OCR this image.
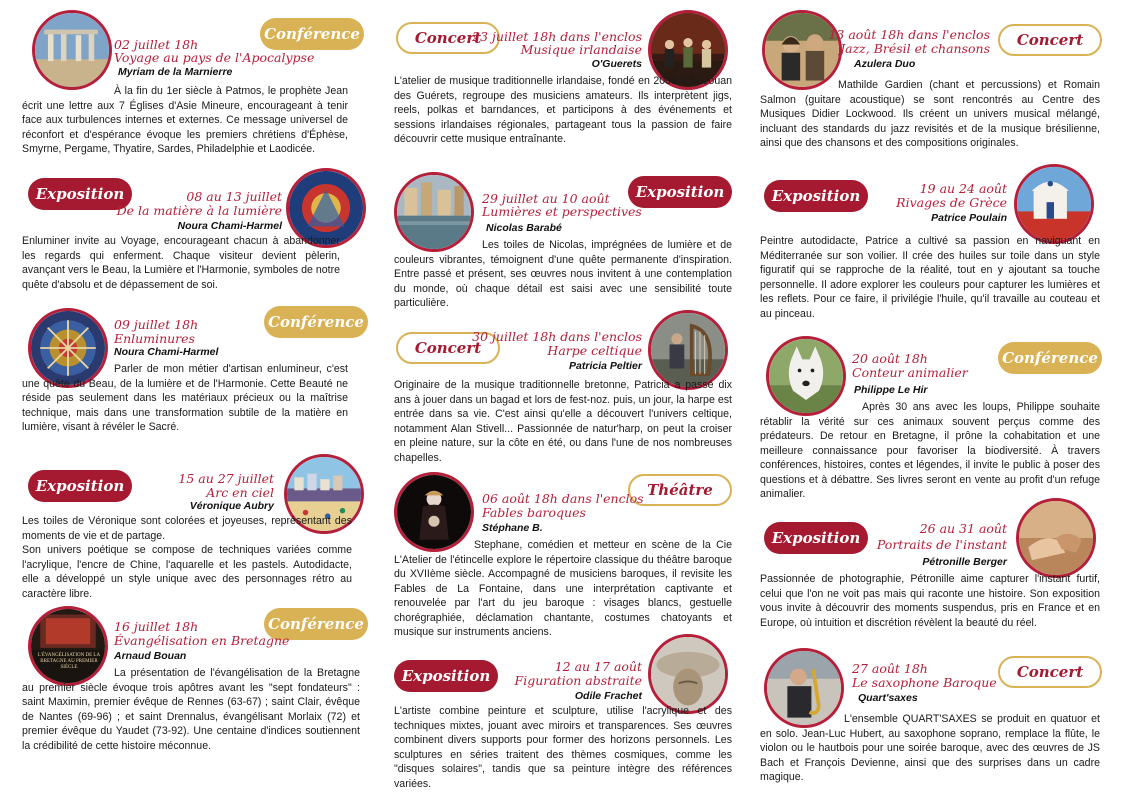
Conférence
02 juillet 18h
Voyage au pays de l'Apocalypse
Myriam de la Marnierre

À la fin du 1er siècle à Patmos, le prophète Jean écrit une lettre aux 7 Églises d'Asie Mineure, encourageant à tenir face aux turbulences internes et externes. Ce message universel de réconfort et d'espérance évoque les premiers chrétiens d'Éphèse, Smyrne, Pergame, Thyatire, Sardes, Philadelphie et Laodicée.

Exposition	08 au 13 juillet
De la matière à la lumière
Noura Chami-Harmel

Enluminer invite au Voyage, encourageant chacun à abandonner les regards qui enferment. Chaque visiteur devient pèlerin, avançant vers le Beau, la Lumière et l'Harmonie, symboles de notre quête d'absolu et de dépassement de soi.

Conférence
09 juillet 18h
Enluminures
Noura Chami-Harmel

Parler de mon métier d'artisan enlumineur, c'est une quête du Beau, de la lumière et de l'Harmonie. Cette Beauté ne réside pas seulement dans les matériaux précieux ou la maîtrise technique, mais dans une transformation subtile de la matière en lumière, visant à révéler le Sacré.

Exposition	15 au 27 juillet
Arc en ciel
Véronique Aubry

Les toiles de Véronique sont colorées et joyeuses, représentant des moments de vie et de partage.

Son univers poétique se compose de techniques variées comme l'acrylique, l'encre de Chine, l'aquarelle et les pastels. Autodidacte, elle a développé un style unique avec des personnages rétro au caractère libre.

L'ÉVANGÉLISATION DE LA BRETAGNE AU PREMIER SIÈCLE
Conférence
16 juillet 18h
Évangélisation en Bretagne
Arnaud Bouan

La présentation de l'évangélisation de la Bretagne au premier siècle évoque trois apôtres avant les "sept fondateurs" : saint Maximin, premier évêque de Rennes (63-67) ; saint Clair, évêque de Nantes (69-96) ; et saint Drennalus, évangélisant Morlaix (72) et premier évêque du Yaudet (73-92). Une centaine d'indices soutiennent la crédibilité de cette histoire méconnue.

Concert
23 juillet 18h dans l'enclos
Musique irlandaise
O'Guerets

L'atelier de musique traditionnelle irlandaise, fondé en 2009 à St Jouan des Guérets, regroupe des musiciens amateurs. Ils interprètent jigs, reels, polkas et barndances, et participons à des événements et sessions irlandaises régionales, partageant tous la passion de faire découvrir cette musique entraînante.

Exposition
29 juillet au 10 août
Lumières et perspectives
Nicolas Barabé

Les toiles de Nicolas, imprégnées de lumière et de couleurs vibrantes, témoignent d'une quête permanente d'inspiration. Entre passé et présent, ses œuvres nous invitent à une contemplation du monde, où chaque détail est saisi avec une sensibilité toute particulière.

Concert
30 juillet 18h dans l'enclos
Harpe celtique
Patricia Peltier

Originaire de la musique traditionnelle bretonne, Patricia a passé dix ans à jouer dans un bagad et lors de fest-noz. puis, un jour, la harpe est entrée dans sa vie. C'est ainsi qu'elle a découvert l'univers celtique, notamment Alan Stivell... Passionnée de natur'harp, on peut la croiser en pleine nature, sur la côte en été, ou dans l'une de nos nombreuses chapelles.

Théâtre
06 août 18h dans l'enclos
Fables baroques
Stéphane B.

Stephane, comédien et metteur en scène de la Cie L'Atelier de l'étincelle explore le répertoire classique du théâtre baroque du XVIIème siècle. Accompagné de musiciens baroques, il revisite les Fables de La Fontaine, dans une interprétation captivante et renouvelée par l'art du jeu baroque : visages blancs, gestuelle chorégraphiée, déclamation chantante, costumes chatoyants et musique sur instruments anciens.

Exposition
12 au 17 août
Figuration abstraite
Odile Frachet

L'artiste combine peinture et sculpture, utilise l'acrylique et des techniques mixtes, jouant avec miroirs et transparences. Ses œuvres combinent divers supports pour former des horizons personnels. Les sculptures en séries traitent des thèmes cosmiques, comme les "disques solaires", tandis que sa peinture intègre des références variées.

Concert
13 août 18h dans l'enclos
Jazz, Brésil et chansons
Azulera Duo

Mathilde Gardien (chant et percussions) et Romain Salmon (guitare acoustique) se sont rencontrés au Centre des Musiques Didier Lockwood. Ils créent un univers musical mélangé, incluant des standards du jazz revisités et de la musique brésilienne, ainsi que des chansons et des compositions originales.

Exposition	19 au 24 août
Rivages de Grèce
Patrice Poulain

Peintre autodidacte, Patrice a cultivé sa passion en naviguant en Méditerranée sur son voilier. Il crée des huiles sur toile dans un style figuratif qui se rapproche de la réalité, tout en y ajoutant sa touche personnelle. Il adore explorer les couleurs pour capturer les lumières et les reflets. Pour ce faire, il privilégie l'huile, qu'il travaille au couteau et au pinceau.

Conférence
20 août 18h
Conteur animalier
Philippe Le Hir

Après 30 ans avec les loups, Philippe souhaite rétablir la vérité sur ces animaux souvent perçus comme des prédateurs. De retour en Bretagne, il prône la cohabitation et une meilleure connaissance pour favoriser la biodiversité. À travers conférences, histoires, contes et légendes, il invite le public à poser des questions et à débattre. Ses livres seront en vente au profit d'un refuge animalier.

Exposition
26 au 31 août
Portraits de l'instant
Pétronille Berger

Passionnée de photographie, Pétronille aime capturer l'instant furtif, celui que l'on ne voit pas mais qui raconte une histoire. Son exposition vous invite à découvrir des moments suspendus, pris en France et en Europe, où intuition et discrétion révèlent la beauté du réel.

Concert
27 août 18h
Le saxophone Baroque
Quart'saxes

L'ensemble QUART'SAXES se produit en quatuor et en solo. Jean-Luc Hubert, au saxophone soprano, remplace la flûte, le violon ou le hautbois pour une soirée baroque, avec des œuvres de JS Bach et François Devienne, ainsi que des surprises dans un cadre magique.
